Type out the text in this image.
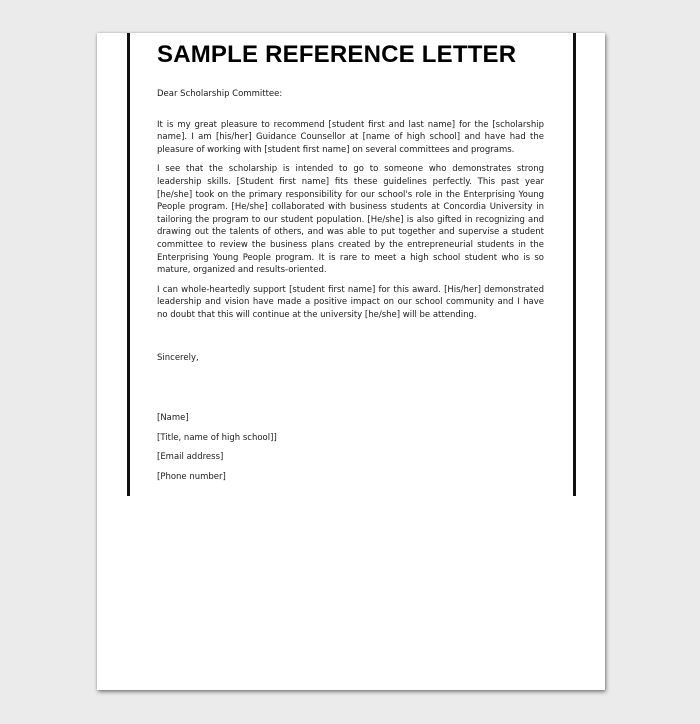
SAMPLE REFERENCE LETTER

Dear Scholarship Committee:

It is my great pleasure to recommend [student first and last name] for the [scholarship name]. I am [his/her] Guidance Counsellor at [name of high school] and have had the pleasure of working with [student first name] on several committees and programs.

I see that the scholarship is intended to go to someone who demonstrates strong leadership skills. [Student first name] fits these guidelines perfectly. This past year [he/she] took on the primary responsibility for our school's role in the Enterprising Young People program. [He/she] collaborated with business students at Concordia University in tailoring the program to our student population. [He/she] is also gifted in recognizing and drawing out the talents of others, and was able to put together and supervise a student committee to review the business plans created by the entrepreneurial students in the Enterprising Young People program. It is rare to meet a high school student who is so mature, organized and results-oriented.

I can whole-heartedly support [student first name] for this award. [His/her] demonstrated leadership and vision have made a positive impact on our school community and I have no doubt that this will continue at the university [he/she] will be attending.

Sincerely,

[Name]

[Title, name of high school]]

[Email address]

[Phone number]
